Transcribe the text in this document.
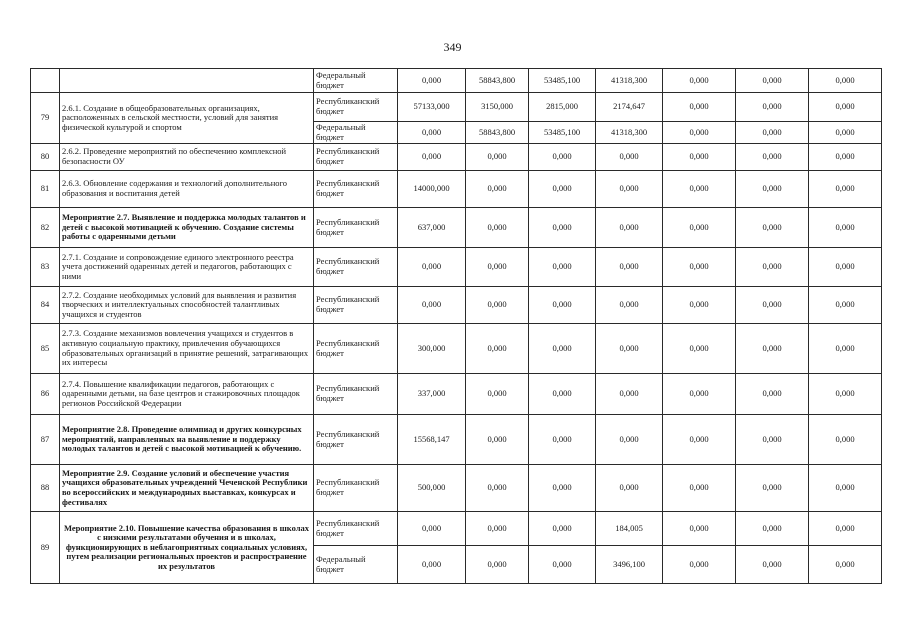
349
		Федеральный бюджет	0,000	58843,800	53485,100	41318,300	0,000	0,000	0,000
79	2.6.1. Создание в общеобразовательных организациях, расположенных в сельской местности, условий для занятия физической культурой и спортом	Республиканский бюджет	57133,000	3150,000	2815,000	2174,647	0,000	0,000	0,000
		Федеральный бюджет	0,000	58843,800	53485,100	41318,300	0,000	0,000	0,000
80	2.6.2. Проведение мероприятий по обеспечению комплексной безопасности ОУ	Республиканский бюджет	0,000	0,000	0,000	0,000	0,000	0,000	0,000
81	2.6.3. Обновление содержания и технологий дополнительного образования и воспитания детей	Республиканский бюджет	14000,000	0,000	0,000	0,000	0,000	0,000	0,000
82	Мероприятие 2.7. Выявление и поддержка молодых талантов и детей с высокой мотивацией к обучению. Создание системы работы с одаренными детьми	Республиканский бюджет	637,000	0,000	0,000	0,000	0,000	0,000	0,000
83	2.7.1. Создание и сопровождение единого электронного реестра учета достижений одаренных детей и педагогов, работающих с ними	Республиканский бюджет	0,000	0,000	0,000	0,000	0,000	0,000	0,000
84	2.7.2. Создание необходимых условий для выявления и развития творческих и интеллектуальных способностей талантливых учащихся и студентов	Республиканский бюджет	0,000	0,000	0,000	0,000	0,000	0,000	0,000
85	2.7.3. Создание механизмов вовлечения учащихся и студентов в активную социальную практику, привлечения обучающихся образовательных организаций в принятие решений, затрагивающих их интересы	Республиканский бюджет	300,000	0,000	0,000	0,000	0,000	0,000	0,000
86	2.7.4. Повышение квалификации педагогов, работающих с одаренными детьми, на базе центров и стажировочных площадок регионов Российской Федерации	Республиканский бюджет	337,000	0,000	0,000	0,000	0,000	0,000	0,000
87	Мероприятие 2.8. Проведение олимпиад и других конкурсных мероприятий, направленных на выявление и поддержку молодых талантов и детей с высокой мотивацией к обучению.	Республиканский бюджет	15568,147	0,000	0,000	0,000	0,000	0,000	0,000
88	Мероприятие 2.9. Создание условий и обеспечение участия учащихся образовательных учреждений Чеченской Республики во всероссийских и международных выставках, конкурсах и фестивалях	Республиканский бюджет	500,000	0,000	0,000	0,000	0,000	0,000	0,000
89	Мероприятие 2.10. Повышение качества образования в школах с низкими результатами обучения и в школах, функционирующих в неблагоприятных социальных условиях, путем реализации региональных проектов и распространение их результатов	Республиканский бюджет	0,000	0,000	0,000	184,005	0,000	0,000	0,000
		Федеральный бюджет	0,000	0,000	0,000	3496,100	0,000	0,000	0,000
